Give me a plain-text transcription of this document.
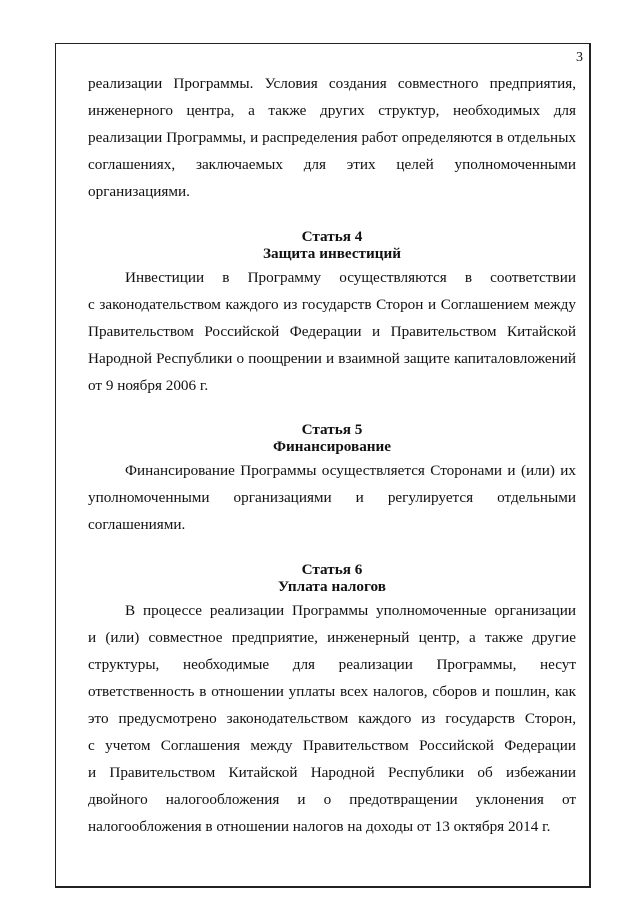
3
реализации Программы. Условия создания совместного предприятия,
инженерного центра, а также других структур, необходимых для
реализации Программы, и распределения работ определяются в отдельных
соглашениях, заключаемых для этих целей уполномоченными
организациями.
Статья 4
Защита инвестиций
Инвестиции в Программу осуществляются в соответствии
с законодательством каждого из государств Сторон и Соглашением между
Правительством Российской Федерации и Правительством Китайской
Народной Республики о поощрении и взаимной защите капиталовложений
от 9 ноября 2006 г.
Статья 5
Финансирование
Финансирование Программы осуществляется Сторонами и (или) их
уполномоченными организациями и регулируется отдельными
соглашениями.
Статья 6
Уплата налогов
В процессе реализации Программы уполномоченные организации
и (или) совместное предприятие, инженерный центр, а также другие
структуры, необходимые для реализации Программы, несут
ответственность в отношении уплаты всех налогов, сборов и пошлин, как
это предусмотрено законодательством каждого из государств Сторон,
с учетом Соглашения между Правительством Российской Федерации
и Правительством Китайской Народной Республики об избежании
двойного налогообложения и о предотвращении уклонения от
налогообложения в отношении налогов на доходы от 13 октября 2014 г.
